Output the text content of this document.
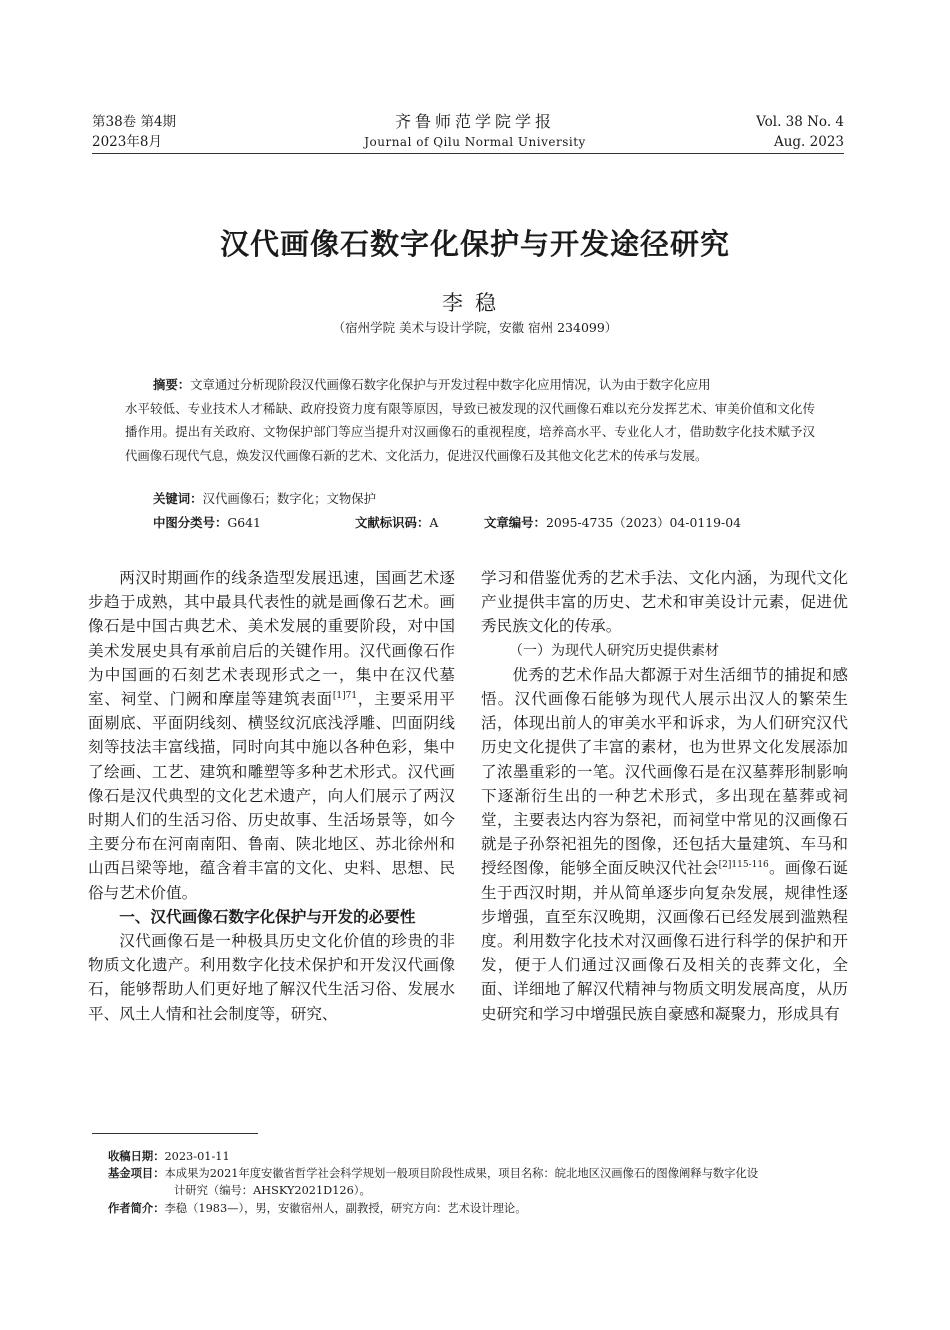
第38卷 第4期
2023年8月
齐鲁师范学院学报
Journal of Qilu Normal University
Vol. 38 No. 4
Aug. 2023
汉代画像石数字化保护与开发途径研究
李稳
（宿州学院 美术与设计学院，安徽 宿州 234099）
摘要：文章通过分析现阶段汉代画像石数字化保护与开发过程中数字化应用情况，认为由于数字化应用
水平较低、专业技术人才稀缺、政府投资力度有限等原因，导致已被发现的汉代画像石难以充分发挥艺术、审美价值和文化传播作用。提出有关政府、文物保护部门等应当提升对汉画像石的重视程度，培养高水平、专业化人才，借助数字化技术赋予汉代画像石现代气息，焕发汉代画像石新的艺术、文化活力，促进汉代画像石及其他文化艺术的传承与发展。
关键词：汉代画像石；数字化；文物保护
中图分类号：G641	文献标识码：A	文章编号：2095-4735（2023）04-0119-04

两汉时期画作的线条造型发展迅速，国画艺术逐步趋于成熟，其中最具代表性的就是画像石艺术。画像石是中国古典艺术、美术发展的重要阶段，对中国美术发展史具有承前启后的关键作用。汉代画像石作为中国画的石刻艺术表现形式之一，集中在汉代墓室、祠堂、门阙和摩崖等建筑表面$^{[1]71}$，主要采用平面剔底、平面阴线刻、横竖纹沉底浅浮雕、凹面阴线刻等技法丰富线描，同时向其中施以各种色彩，集中了绘画、工艺、建筑和雕塑等多种艺术形式。汉代画像石是汉代典型的文化艺术遗产，向人们展示了两汉时期人们的生活习俗、历史故事、生活场景等，如今主要分布在河南南阳、鲁南、陕北地区、苏北徐州和山西吕梁等地，蕴含着丰富的文化、史料、思想、民俗与艺术价值。

一、汉代画像石数字化保护与开发的必要性

汉代画像石是一种极具历史文化价值的珍贵的非物质文化遗产。利用数字化技术保护和开发汉代画像石，能够帮助人们更好地了解汉代生活习俗、发展水平、风土人情和社会制度等，研究、

学习和借鉴优秀的艺术手法、文化内涵，为现代文化产业提供丰富的历史、艺术和审美设计元素，促进优秀民族文化的传承。

（一）为现代人研究历史提供素材

优秀的艺术作品大都源于对生活细节的捕捉和感悟。汉代画像石能够为现代人展示出汉人的繁荣生活，体现出前人的审美水平和诉求，为人们研究汉代历史文化提供了丰富的素材，也为世界文化发展添加了浓墨重彩的一笔。汉代画像石是在汉墓葬形制影响下逐渐衍生出的一种艺术形式，多出现在墓葬或祠堂，主要表达内容为祭祀，而祠堂中常见的汉画像石就是子孙祭祀祖先的图像，还包括大量建筑、车马和授经图像，能够全面反映汉代社会$^{[2]115-116}$。画像石诞生于西汉时期，并从简单逐步向复杂发展，规律性逐步增强，直至东汉晚期，汉画像石已经发展到滥熟程度。利用数字化技术对汉画像石进行科学的保护和开发，便于人们通过汉画像石及相关的丧葬文化，全面、详细地了解汉代精神与物质文明发展高度，从历史研究和学习中增强民族自豪感和凝聚力，形成具有

收稿日期：2023-01-11
基金项目：本成果为2021年度安徽省哲学社会科学规划一般项目阶段性成果，项目名称：皖北地区汉画像石的图像阐释与数字化设
计研究（编号：AHSKY2021D126）。
作者简介：李稳（1983—），男，安徽宿州人，副教授，研究方向：艺术设计理论。
